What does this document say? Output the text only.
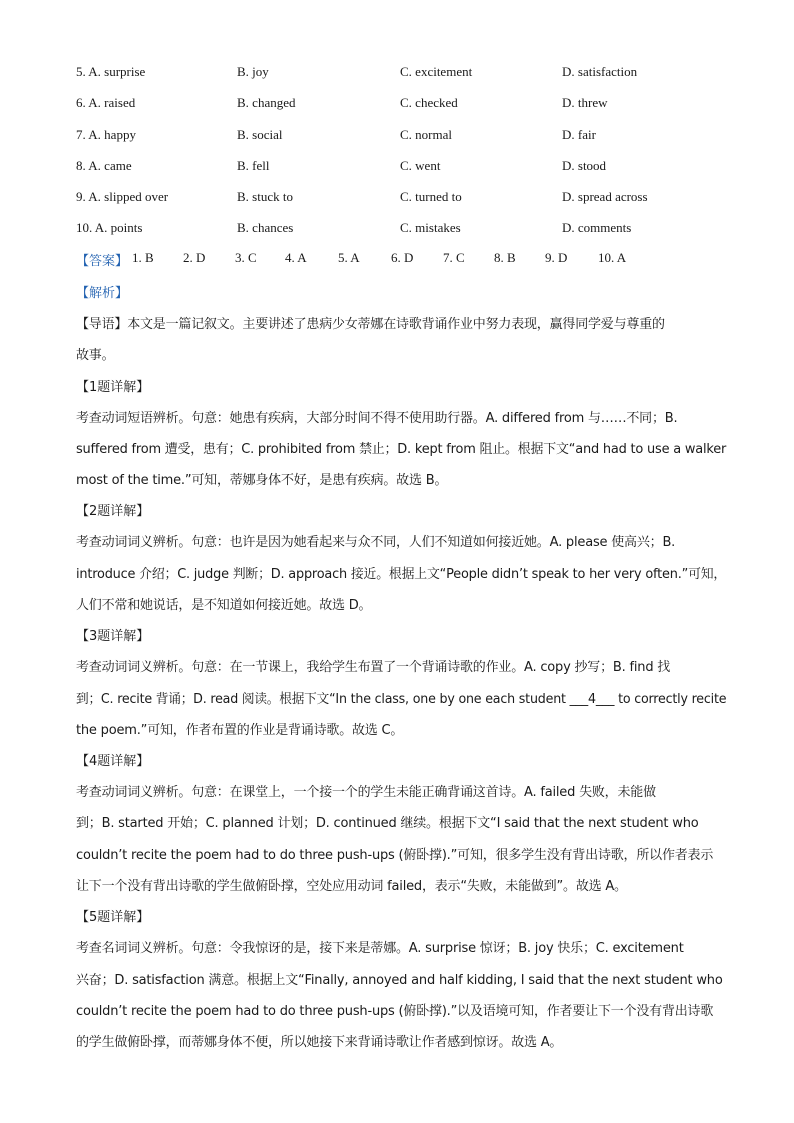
5. A. surprise	B. joy	C. excitement	D. satisfaction
6. A. raised	B. changed	C. checked	D. threw
7. A. happy	B. social	C. normal	D. fair
8. A. came	B. fell	C. went	D. stood
9. A. slipped over	B. stuck to	C. turned to	D. spread across
10. A. points	B. chances	C. mistakes	D. comments
【答案】 1. B 2. D 3. C 4. A 5. A 6. D 7. C 8. B 9. D 10. A
【解析】
【导语】本文是一篇记叙文。主要讲述了患病少女蒂娜在诗歌背诵作业中努力表现，赢得同学爱与尊重的
故事。
【1题详解】
考查动词短语辨析。句意：她患有疾病，大部分时间不得不使用助行器。A. differed from 与……不同；B.
suffered from 遭受，患有；C. prohibited from 禁止；D. kept from 阻止。根据下文“and had to use a walker
most of the time.”可知，蒂娜身体不好，是患有疾病。故选 B。
【2题详解】
考查动词词义辨析。句意：也许是因为她看起来与众不同，人们不知道如何接近她。A. please 使高兴；B.
introduce 介绍；C. judge 判断；D. approach 接近。根据上文“People didn’t speak to her very often.”可知，
人们不常和她说话，是不知道如何接近她。故选 D。
【3题详解】
考查动词词义辨析。句意：在一节课上，我给学生布置了一个背诵诗歌的作业。A. copy 抄写；B. find 找
到；C. recite 背诵；D. read 阅读。根据下文“In the class, one by one each student ___4___ to correctly recite
the poem.”可知，作者布置的作业是背诵诗歌。故选 C。
【4题详解】
考查动词词义辨析。句意：在课堂上，一个接一个的学生未能正确背诵这首诗。A. failed 失败，未能做
到；B. started 开始；C. planned 计划；D. continued 继续。根据下文“I said that the next student who
couldn’t recite the poem had to do three push-ups (俯卧撑).”可知，很多学生没有背出诗歌，所以作者表示
让下一个没有背出诗歌的学生做俯卧撑，空处应用动词 failed，表示“失败，未能做到”。故选 A。
【5题详解】
考查名词词义辨析。句意：令我惊讶的是，接下来是蒂娜。A. surprise 惊讶；B. joy 快乐；C. excitement
兴奋；D. satisfaction 满意。根据上文“Finally, annoyed and half kidding, I said that the next student who
couldn’t recite the poem had to do three push-ups (俯卧撑).”以及语境可知，作者要让下一个没有背出诗歌
的学生做俯卧撑，而蒂娜身体不便，所以她接下来背诵诗歌让作者感到惊讶。故选 A。
